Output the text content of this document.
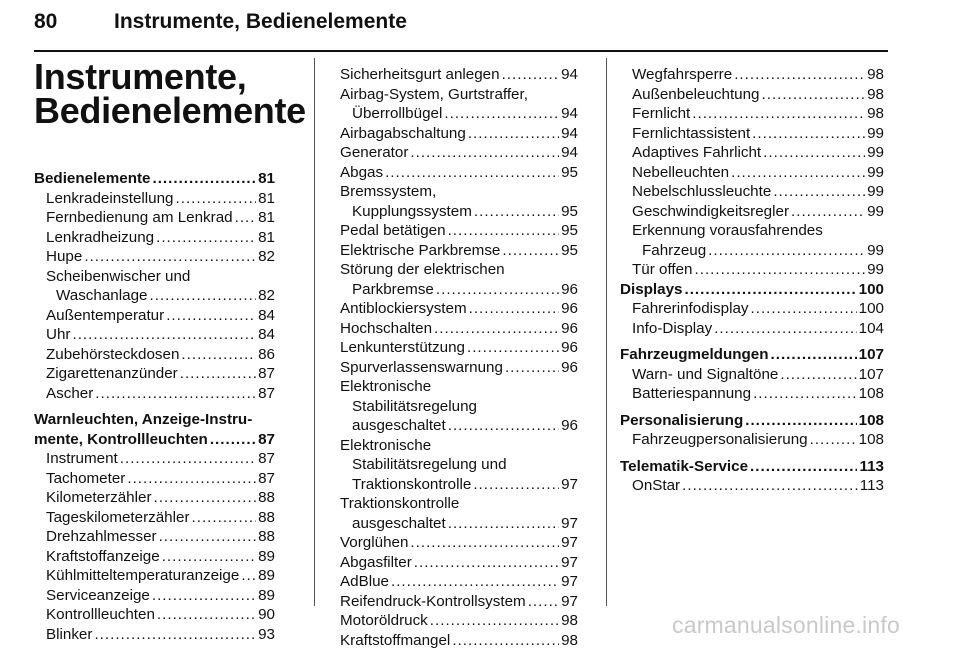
80	Instrumente, Bedienelemente
Instrumente,
Bedienelemente
Bedienelemente .....	81
Lenkradeinstellung .....	81
Fernbedienung am Lenkrad ..... 81
Lenkradheizung .....	81
Hupe .....	82
Scheibenwischer und
Waschanlage .....	82
Außentemperatur .....	84
Uhr .....	84
Zubehörsteckdosen .....	86
Zigarettenanzünder .....	87
Ascher .....	87
Warnleuchten, Anzeige-Instru-
mente, Kontrollleuchten .....	87
Instrument .....	87
Tachometer .....	87
Kilometerzähler .....	88
Tageskilometerzähler .....	88
Drehzahlmesser .....	88
Kraftstoffanzeige .....	89
Kühlmitteltemperaturanzeige ..... 89
Serviceanzeige .....	89
Kontrollleuchten .....	90
Blinker .....	93
Sicherheitsgurt anlegen .....	94
Airbag-System, Gurtstraffer,
Überrollbügel .....	94
Airbagabschaltung .....	94
Generator .....	94
Abgas .....	95
Bremssystem,
Kupplungssystem .....	95
Pedal betätigen .....	95
Elektrische Parkbremse .....	95
Störung der elektrischen
Parkbremse .....	96
Antiblockiersystem .....	96
Hochschalten .....	96
Lenkunterstützung .....	96
Spurverlassenswarnung .....	96
Elektronische
Stabilitätsregelung
ausgeschaltet .....	96
Elektronische
Stabilitätsregelung und
Traktionskontrolle .....	97
Traktionskontrolle
ausgeschaltet .....	97
Vorglühen .....	97
Abgasfilter .....	97
AdBlue .....	97
Reifendruck-Kontrollsystem ..... 97
Motoröldruck .....	98
Kraftstoffmangel .....	98
Wegfahrsperre .....	98
Außenbeleuchtung .....	98
Fernlicht .....	98
Fernlichtassistent .....	99
Adaptives Fahrlicht .....	99
Nebelleuchten .....	99
Nebelschlussleuchte .....	99
Geschwindigkeitsregler .....	99
Erkennung vorausfahrendes
Fahrzeug .....	99
Tür offen .....	99
Displays .....	100
Fahrerinfodisplay .....	100
Info-Display .....	104
Fahrzeugmeldungen .....	107
Warn- und Signaltöne .....	107
Batteriespannung .....	108
Personalisierung .....	108
Fahrzeugpersonalisierung .....	108
Telematik-Service .....	113
OnStar .....	113
carmanualsonline.info
